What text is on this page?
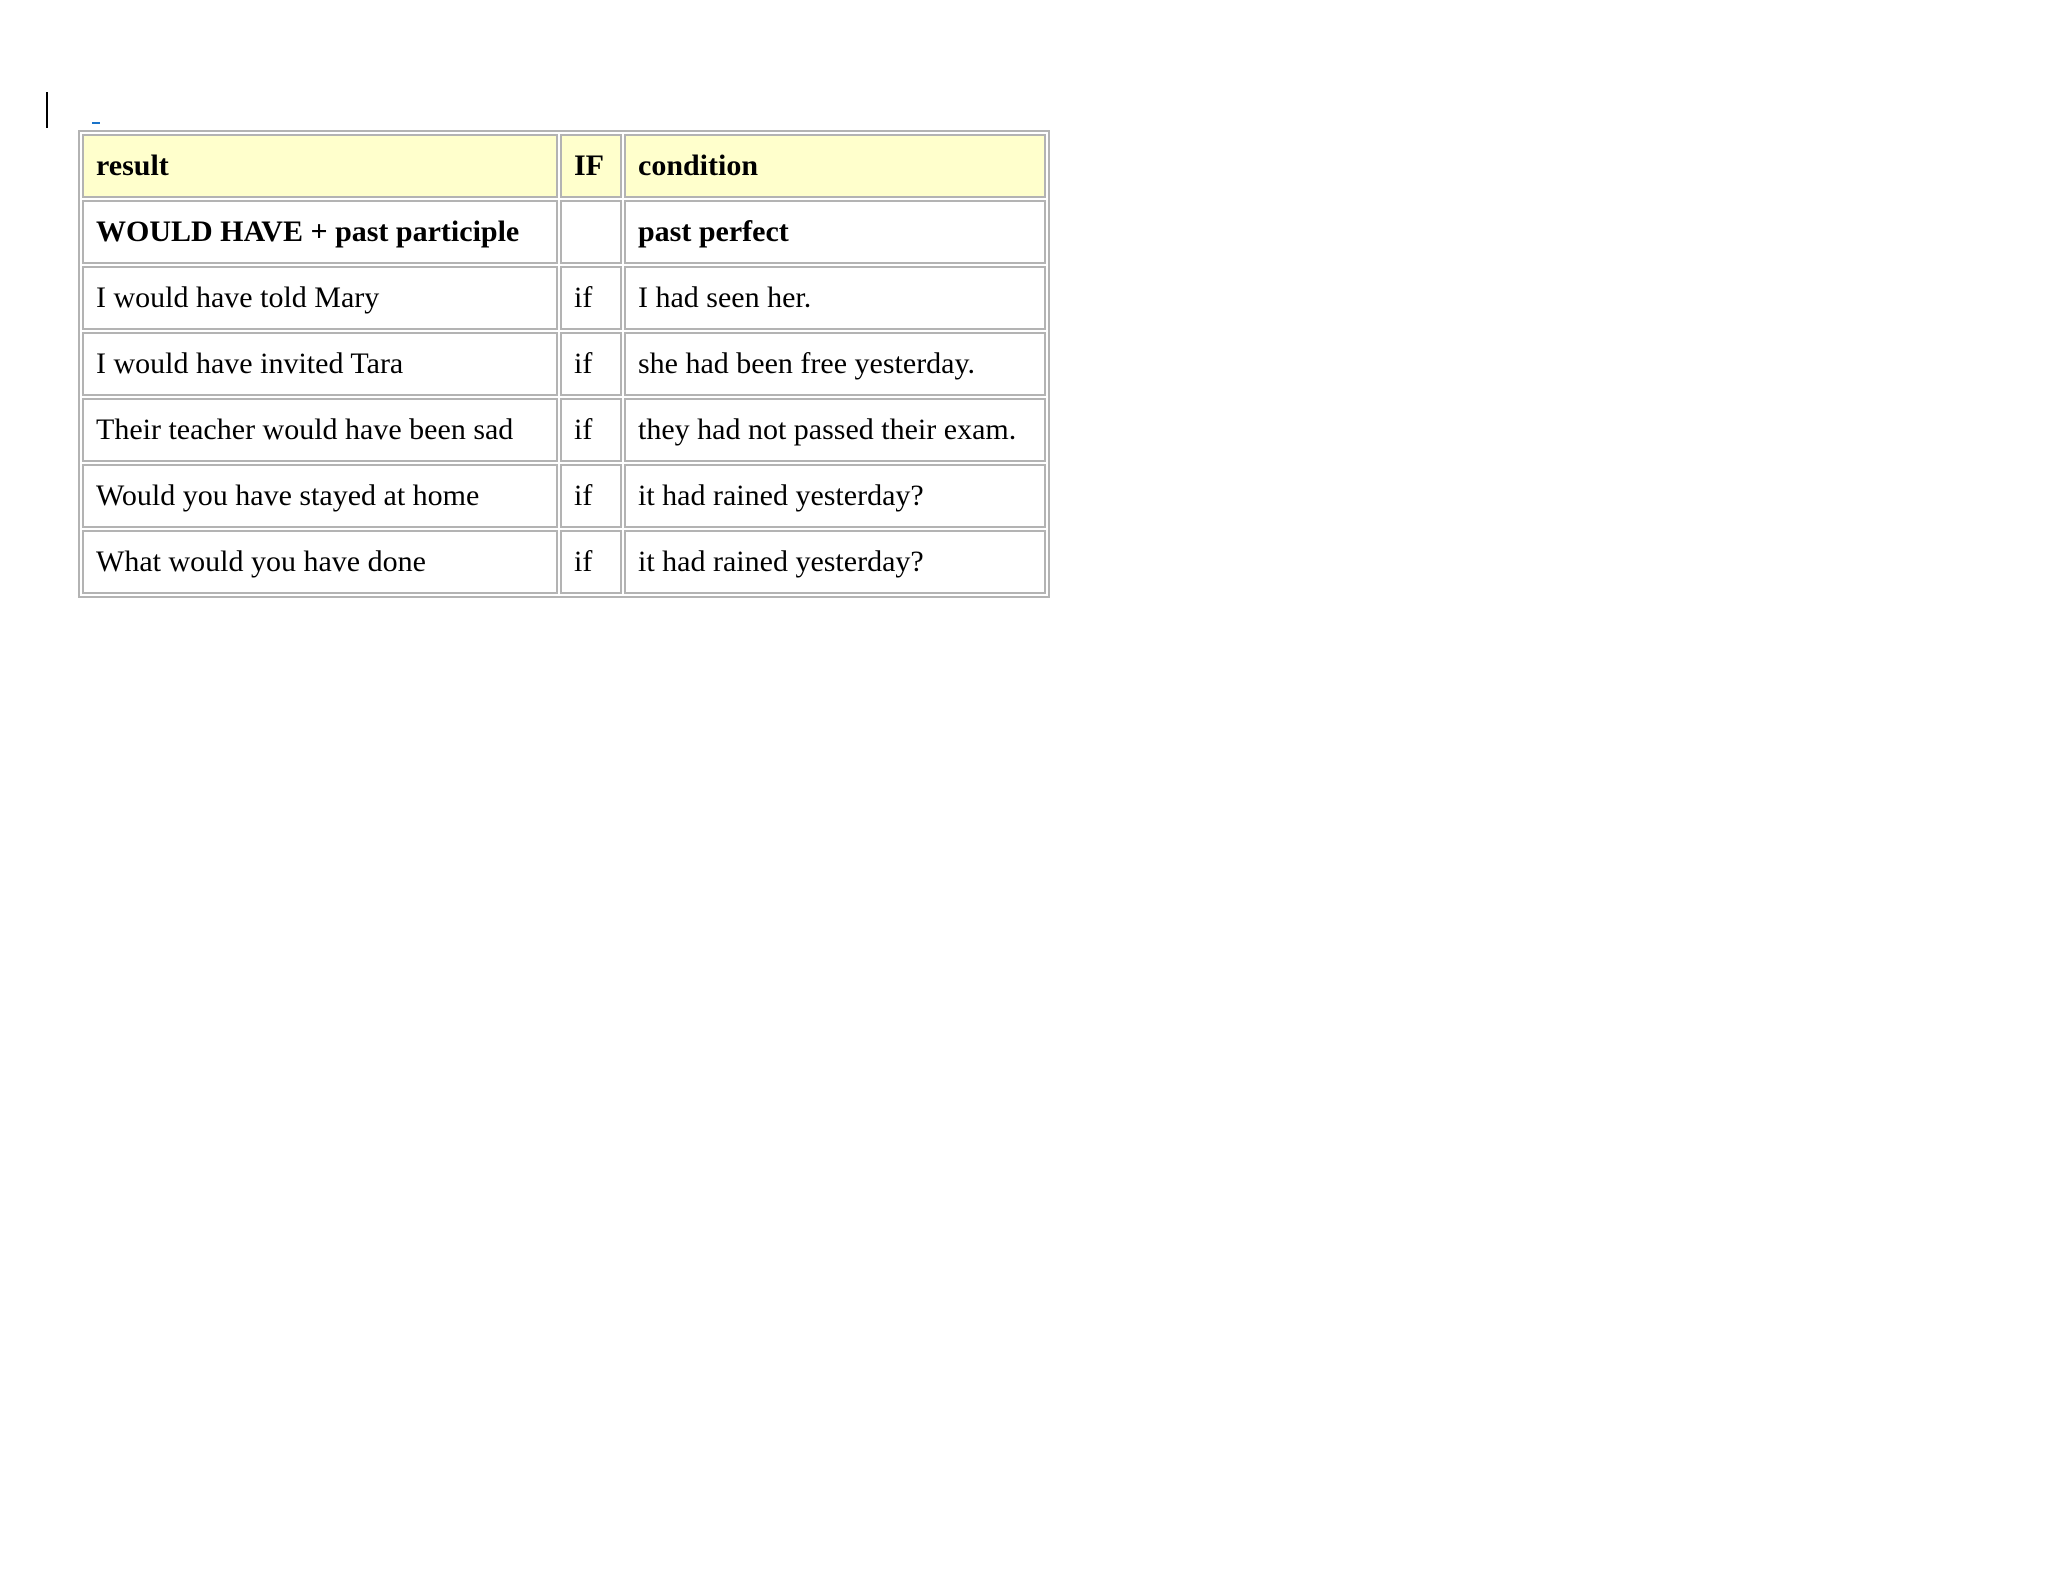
result	IF	condition
WOULD HAVE + past participle		past perfect
I would have told Mary	if	I had seen her.
I would have invited Tara	if	she had been free yesterday.
Their teacher would have been sad	if	they had not passed their exam.
Would you have stayed at home	if	it had rained yesterday?
What would you have done	if	it had rained yesterday?
